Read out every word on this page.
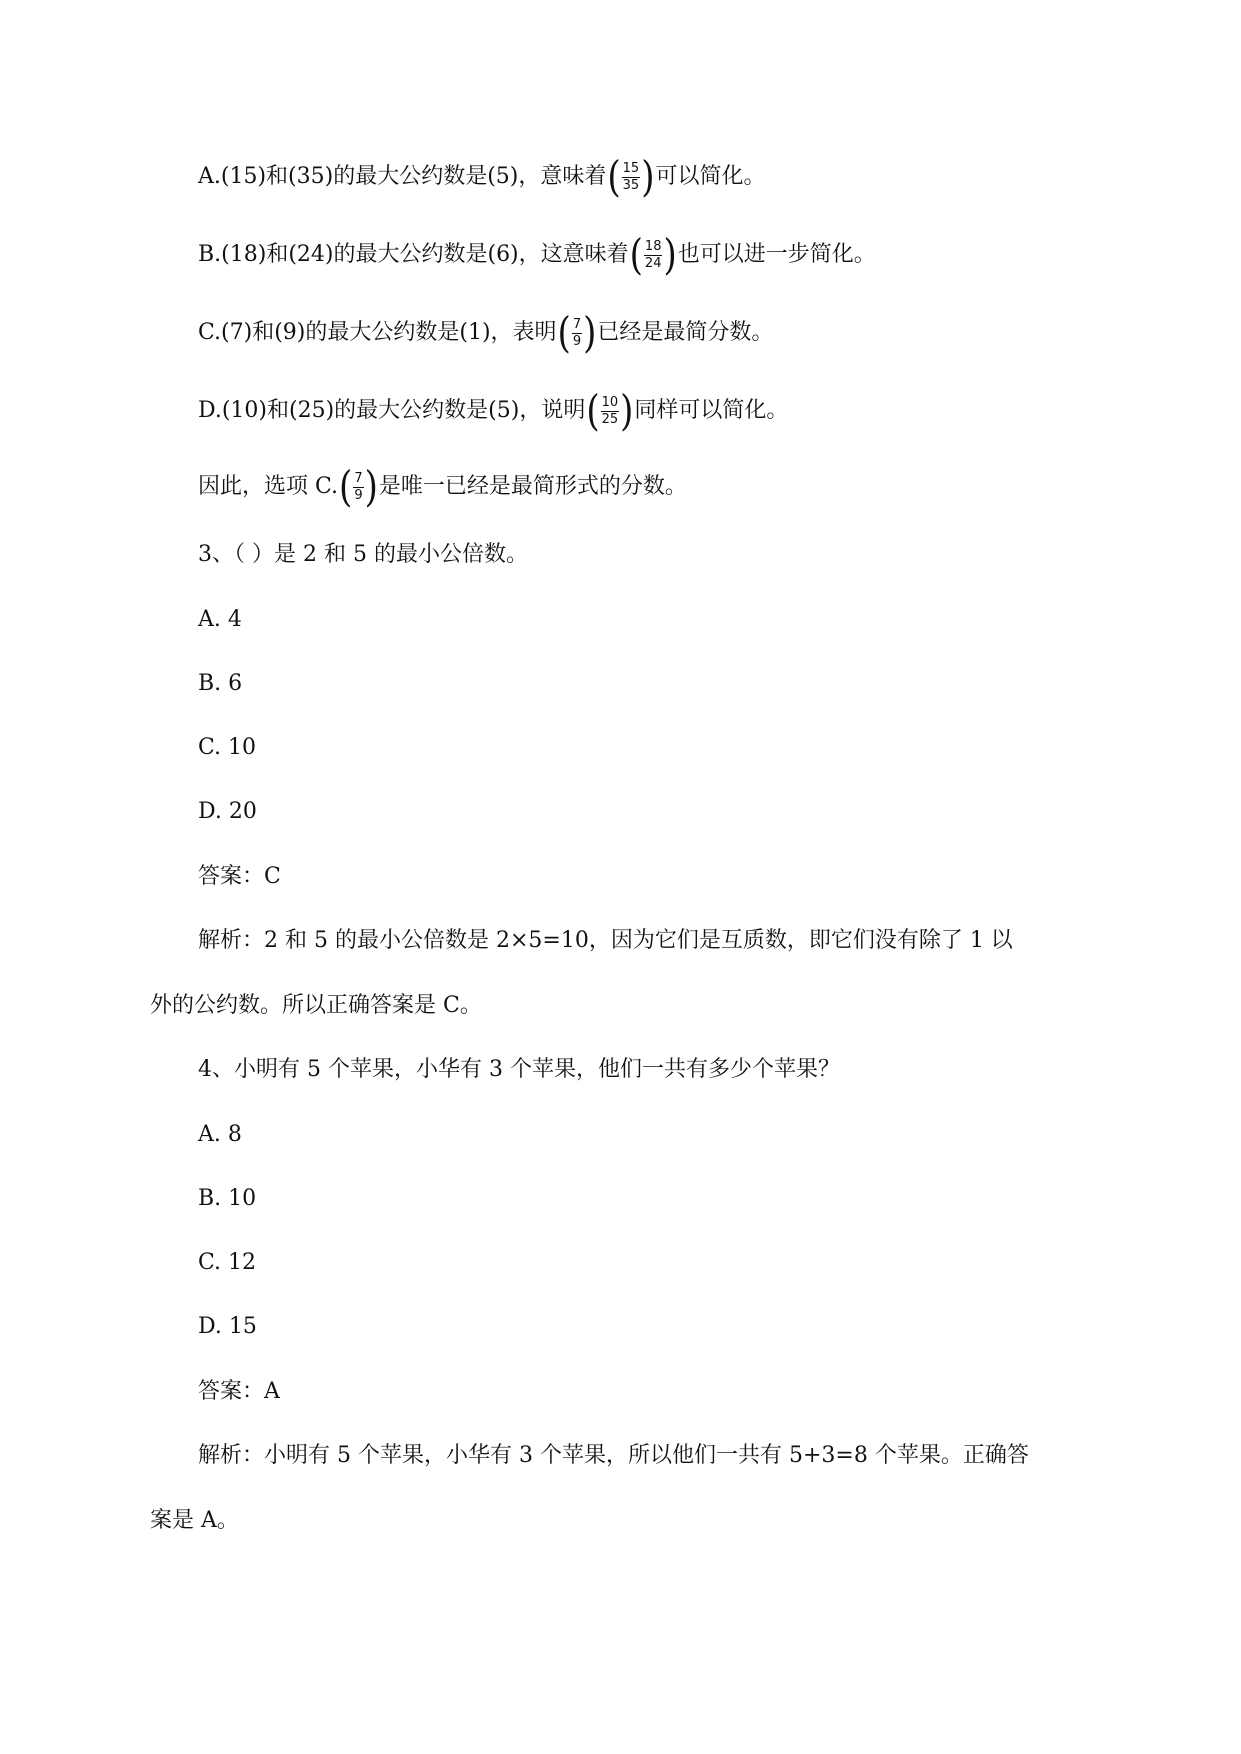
A.(15)和(35)的最大公约数是(5)，意味着 ( $\frac{15}{35}$ ) 可以简化。
B.(18)和(24)的最大公约数是(6)，这意味着 ( $\frac{18}{24}$ ) 也可以进一步简化。
C.(7)和(9)的最大公约数是(1)，表明 ( $\frac{7}{9}$ ) 已经是最简分数。
D.(10)和(25)的最大公约数是(5)，说明 ( $\frac{10}{25}$ ) 同样可以简化。
因此，选项 C. ( $\frac{7}{9}$ ) 是唯一已经是最简形式的分数。
3、（ ）是 2 和 5 的最小公倍数。
A. 4
B. 6
C. 10
D. 20
答案：C
解析：2 和 5 的最小公倍数是 2×5=10，因为它们是互质数，即它们没有除了 1 以
外的公约数。所以正确答案是 C。
4、小明有 5 个苹果，小华有 3 个苹果，他们一共有多少个苹果？
A. 8
B. 10
C. 12
D. 15
答案：A
解析：小明有 5 个苹果，小华有 3 个苹果，所以他们一共有 5+3=8 个苹果。正确答
案是 A。
